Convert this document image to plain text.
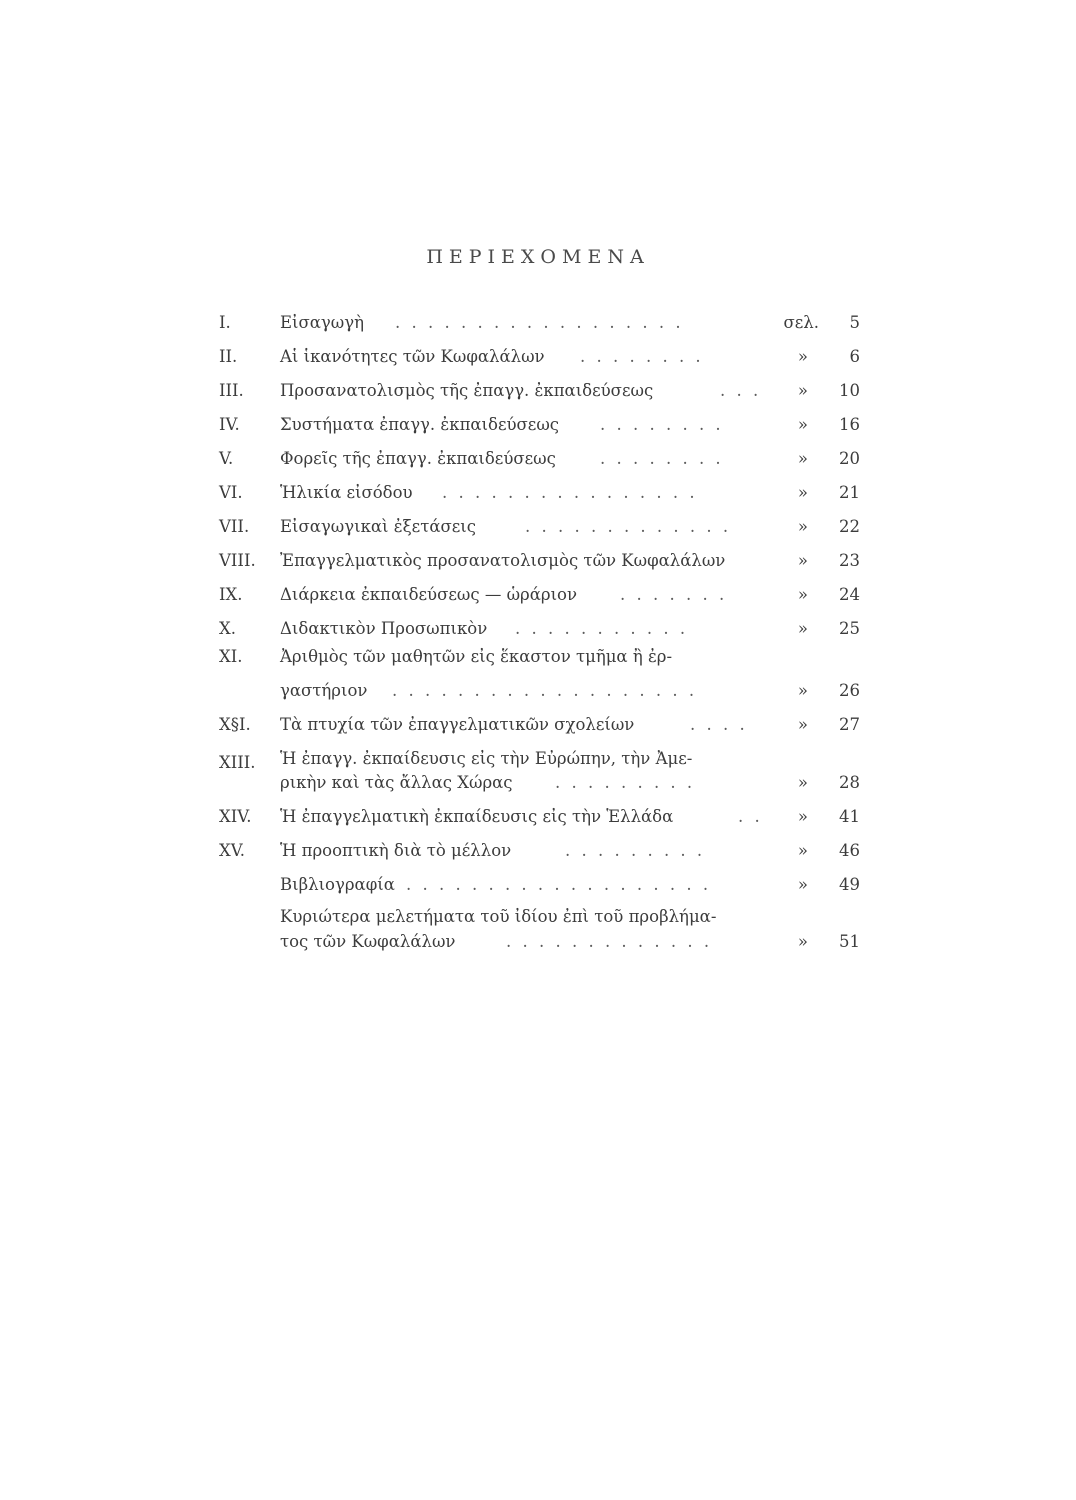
ΠΕΡΙΕΧΟΜΕΝΑ
I.	Εἰσαγωγὴ . . . . . . . . . . . . . . . . . .	σελ. 5
II.	Αἱ ἱκανότητες τῶν Κωφαλάλων . . . . . . . .	»	6
III. Προσανατολισμὸς τῆς ἐπαγγ. ἐκπαιδεύσεως	. . .	» 10
IV. Συστήματα ἐπαγγ. ἐκπαιδεύσεως . . . . . . . .	» 16
V.	Φορεῖς τῆς ἐπαγγ. ἐκπαιδεύσεως	. . . . . . . .	» 20
VI. Ἡλικία εἰσόδου . . . . . . . . . . . . . . . .	» 21
VII. Εἰσαγωγικαὶ ἐξετάσεις	. . . . . . . . . . . . .	» 22
VIII. Ἐπαγγελματικὸς προσανατολισμὸς τῶν Κωφαλάλων	» 23
IX. Διάρκεια ἐκπαιδεύσεως — ὡράριον	. . . . . . .	» 24
X.	Διδακτικὸν Προσωπικὸν . . . . . . . . . . .	» 25
XI. Ἀριθμὸς τῶν μαθητῶν εἰς ἕκαστον τμῆμα ἢ ἐρ-
γαστήριον . . . . . . . . . . . . . . . . . . .	» 26
X§I. Τὰ πτυχία τῶν ἐπαγγελματικῶν σχολείων	. . . .	» 27
XIII. Ἡ ἐπαγγ. ἐκπαίδευσις εἰς τὴν Εὐρώπην, τὴν Ἀμε-
ρικὴν καὶ τὰς ἄλλας Χώρας	. . . . . . . . .	» 28
XIV. Ἡ ἐπαγγελματικὴ ἐκπαίδευσις εἰς τὴν Ἑλλάδα	. .	» 41
XV. Ἡ προοπτικὴ διὰ τὸ μέλλον	. . . . . . . . .	» 46
Βιβλιογραφία . . . . . . . . . . . . . . . . . . .	» 49
Κυριώτερα μελετήματα τοῦ ἰδίου ἐπὶ τοῦ προβλήμα-
τος τῶν Κωφαλάλων	. . . . . . . . . . . . .	» 51
